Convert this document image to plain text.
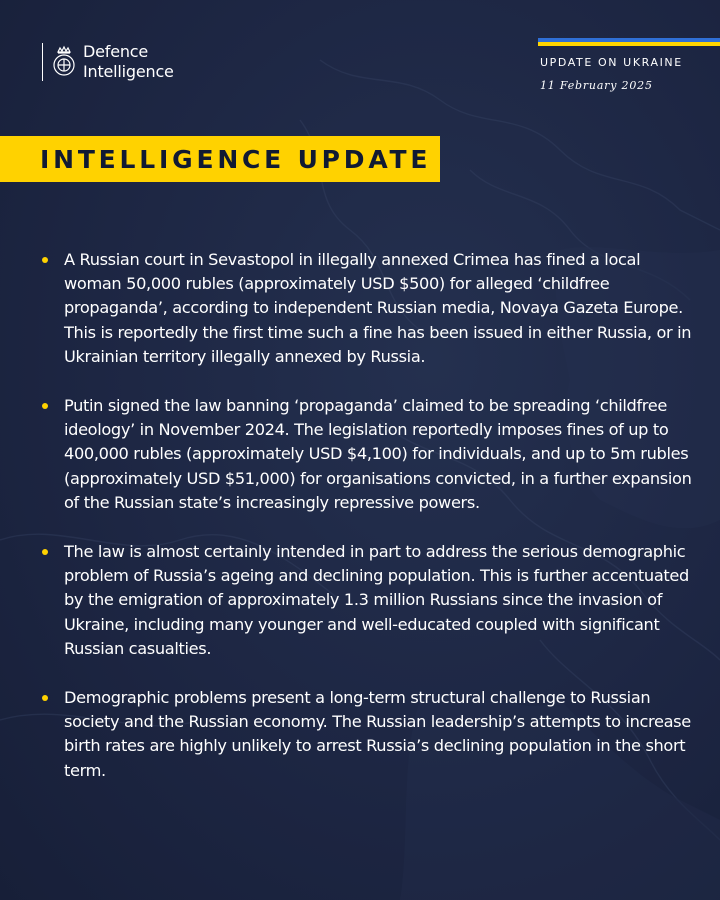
Defence
Intelligence	UPDATE ON UKRAINE
11 February 2025
INTELLIGENCE UPDATE
A Russian court in Sevastopol in illegally annexed Crimea has fined a local woman 50,000 rubles (approximately USD $500) for alleged ‘childfree propaganda’, according to independent Russian media, Novaya Gazeta Europe. This is reportedly the first time such a fine has been issued in either Russia, or in Ukrainian territory illegally annexed by Russia.
Putin signed the law banning ‘propaganda’ claimed to be spreading ‘childfree ideology’ in November 2024. The legislation reportedly imposes fines of up to 400,000 rubles (approximately USD $4,100) for individuals, and up to 5m rubles (approximately USD $51,000) for organisations convicted, in a further expansion of the Russian state’s increasingly repressive powers.
The law is almost certainly intended in part to address the serious demographic problem of Russia’s ageing and declining population. This is further accentuated by the emigration of approximately 1.3 million Russians since the invasion of Ukraine, including many younger and well-educated coupled with significant Russian casualties.
Demographic problems present a long-term structural challenge to Russian society and the Russian economy. The Russian leadership’s attempts to increase birth rates are highly unlikely to arrest Russia’s declining population in the short term.
